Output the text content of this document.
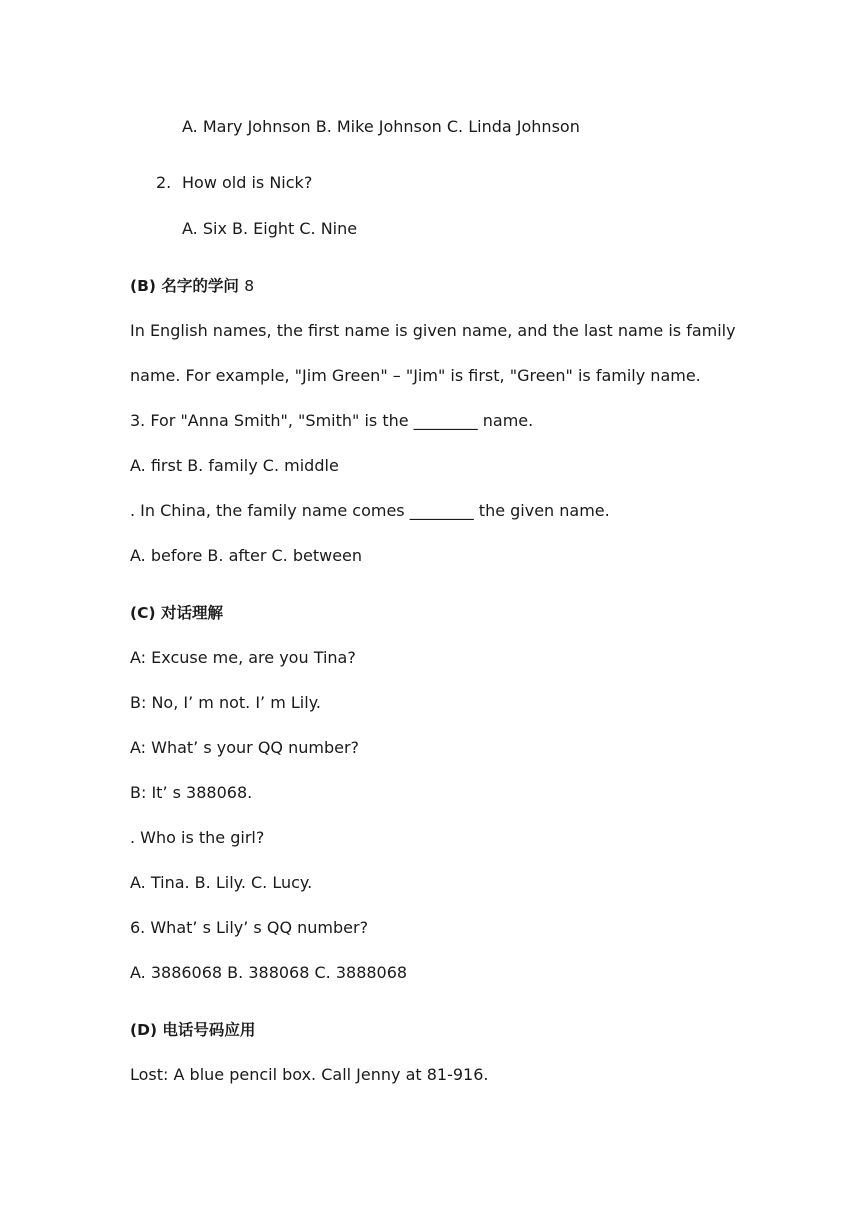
A. Mary Johnson B. Mike Johnson C. Linda Johnson
2. How old is Nick?
A. Six B. Eight C. Nine
(B) 名字的学问 8
In English names, the first name is given name, and the last name is family
name. For example, "Jim Green" – "Jim" is first, "Green" is family name.
3. For "Anna Smith", "Smith" is the ________ name.
A. first B. family C. middle
. In China, the family name comes ________ the given name.
A. before B. after C. between
(C) 对话理解
A: Excuse me, are you Tina?
B: No, I’ m not. I’ m Lily.
A: What’ s your QQ number?
B: It’ s 388068.
. Who is the girl?
A. Tina. B. Lily. C. Lucy.
6. What’ s Lily’ s QQ number?
A. 3886068 B. 388068 C. 3888068
(D) 电话号码应用
Lost: A blue pencil box. Call Jenny at 81-916.
